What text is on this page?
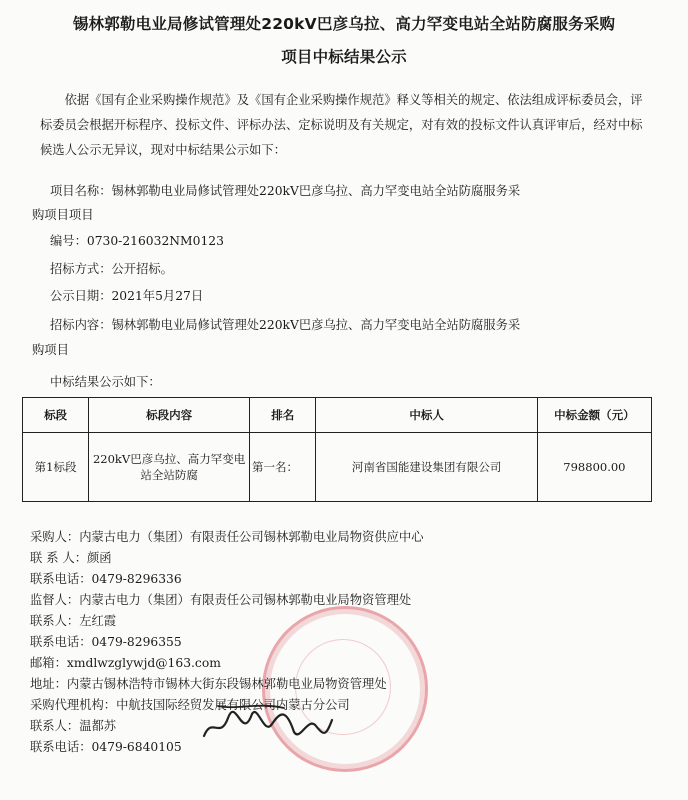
锡林郭勒电业局修试管理处220kV巴彦乌拉、高力罕变电站全站防腐服务采购
项目中标结果公示
依据《国有企业采购操作规范》及《国有企业采购操作规范》释义等相关的规定、依法组成评标委员会，评标委员会根据开标程序、投标文件、评标办法、定标说明及有关规定，对有效的投标文件认真评审后，经对中标候选人公示无异议，现对中标结果公示如下：
项目名称：锡林郭勒电业局修试管理处220kV巴彦乌拉、高力罕变电站全站防腐服务采
购项目项目
编号：0730-216032NM0123
招标方式：公开招标。
公示日期：2021年5月27日
招标内容：锡林郭勒电业局修试管理处220kV巴彦乌拉、高力罕变电站全站防腐服务采
购项目
中标结果公示如下：
标段	标段内容	排名	中标人	中标金额（元）
第1标段	220kV巴彦乌拉、高力罕变电站全站防腐	第一名：	河南省国能建设集团有限公司	798800.00
采购人：内蒙古电力（集团）有限责任公司锡林郭勒电业局物资供应中心
联 系 人：颜函
联系电话：0479-8296336
监督人：内蒙古电力（集团）有限责任公司锡林郭勒电业局物资管理处
联系人：左红霞
联系电话：0479-8296355
邮箱：xmdlwzglywjd@163.com
地址：内蒙古锡林浩特市锡林大街东段锡林郭勒电业局物资管理处
采购代理机构：中航技国际经贸发展有限公司内蒙古分公司
联系人：温都苏
联系电话：0479-6840105
